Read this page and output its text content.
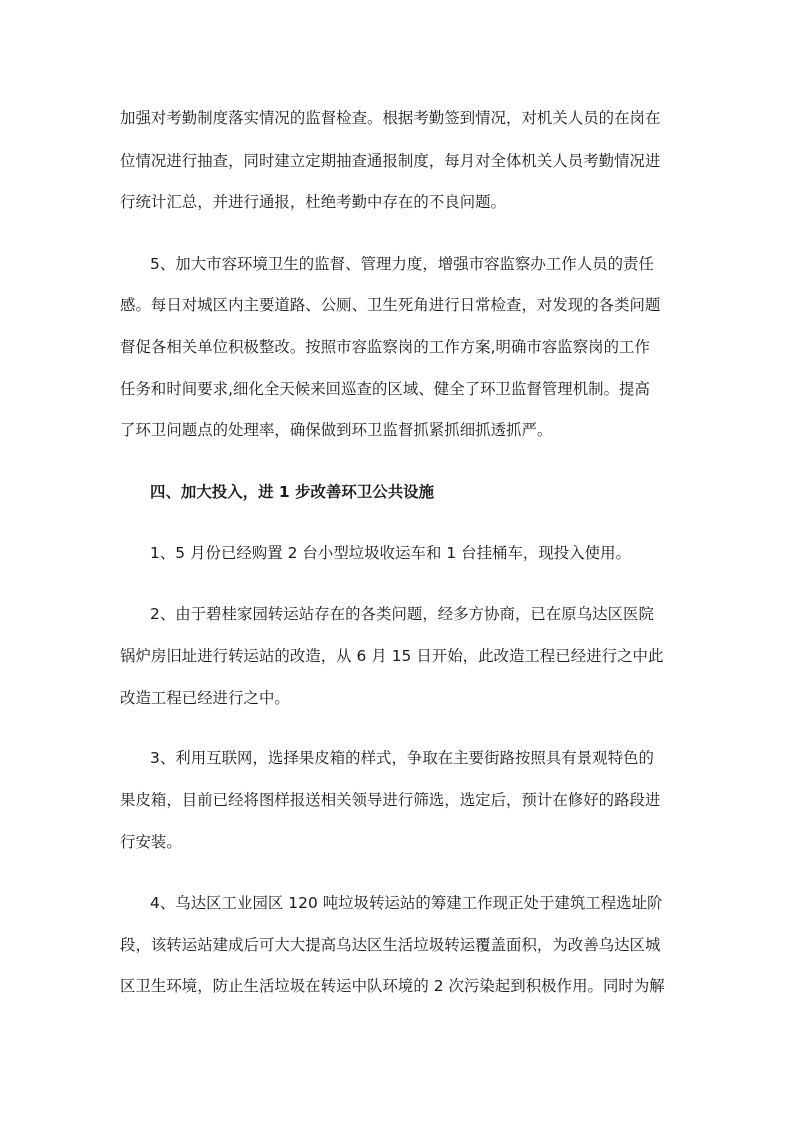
加强对考勤制度落实情况的监督检查。根据考勤签到情况，对机关人员的在岗在
位情况进行抽查，同时建立定期抽查通报制度，每月对全体机关人员考勤情况进
行统计汇总，并进行通报，杜绝考勤中存在的不良问题。
5、加大市容环境卫生的监督、管理力度，增强市容监察办工作人员的责任
感。每日对城区内主要道路、公厕、卫生死角进行日常检查，对发现的各类问题
督促各相关单位积极整改。按照市容监察岗的工作方案,明确市容监察岗的工作
任务和时间要求,细化全天候来回巡查的区域、健全了环卫监督管理机制。提高
了环卫问题点的处理率，确保做到环卫监督抓紧抓细抓透抓严。
四、加大投入，进 1 步改善环卫公共设施
1、5 月份已经购置 2 台小型垃圾收运车和 1 台挂桶车，现投入使用。
2、由于碧桂家园转运站存在的各类问题，经多方协商，已在原乌达区医院
锅炉房旧址进行转运站的改造，从 6 月 15 日开始，此改造工程已经进行之中此
改造工程已经进行之中。
3、利用互联网，选择果皮箱的样式，争取在主要街路按照具有景观特色的
果皮箱，目前已经将图样报送相关领导进行筛选，选定后，预计在修好的路段进
行安装。
4、乌达区工业园区 120 吨垃圾转运站的筹建工作现正处于建筑工程选址阶
段，该转运站建成后可大大提高乌达区生活垃圾转运覆盖面积，为改善乌达区城
区卫生环境，防止生活垃圾在转运中队环境的 2 次污染起到积极作用。同时为解
